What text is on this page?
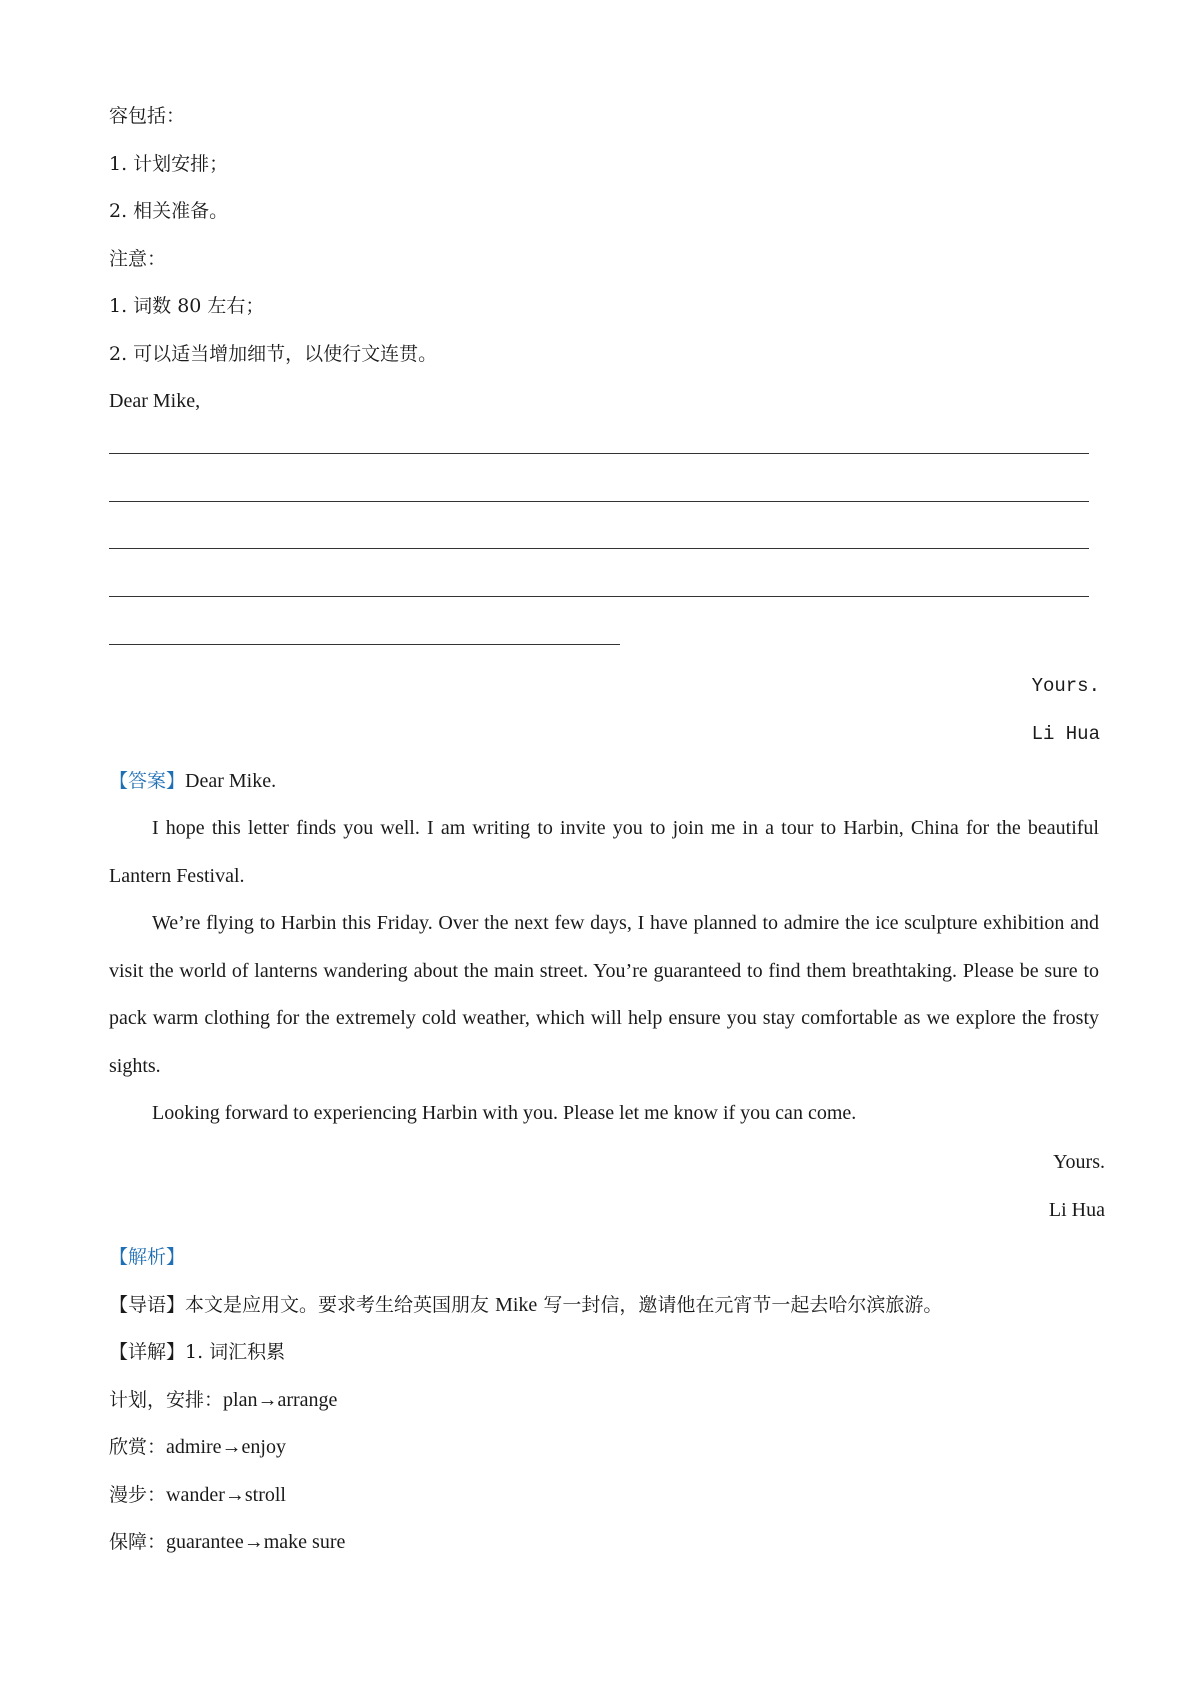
容包括：
1. 计划安排；
2. 相关准备。
注意：
1. 词数 80 左右；
2. 可以适当增加细节，以使行文连贯。
Dear Mike,
Yours.
Li Hua
【答案】Dear Mike.

I hope this letter finds you well. I am writing to invite you to join me in a tour to Harbin, China for the beautiful Lantern Festival.

We’re flying to Harbin this Friday. Over the next few days, I have planned to admire the ice sculpture exhibition and visit the world of lanterns wandering about the main street. You’re guaranteed to find them breathtaking. Please be sure to pack warm clothing for the extremely cold weather, which will help ensure you stay comfortable as we explore the frosty sights.

Looking forward to experiencing Harbin with you. Please let me know if you can come.

Yours.
Li Hua
【解析】
【导语】本文是应用文。要求考生给英国朋友 Mike 写一封信，邀请他在元宵节一起去哈尔滨旅游。
【详解】1. 词汇积累
计划，安排：plan→arrange
欣赏：admire→enjoy
漫步：wander→stroll
保障：guarantee→make sure
